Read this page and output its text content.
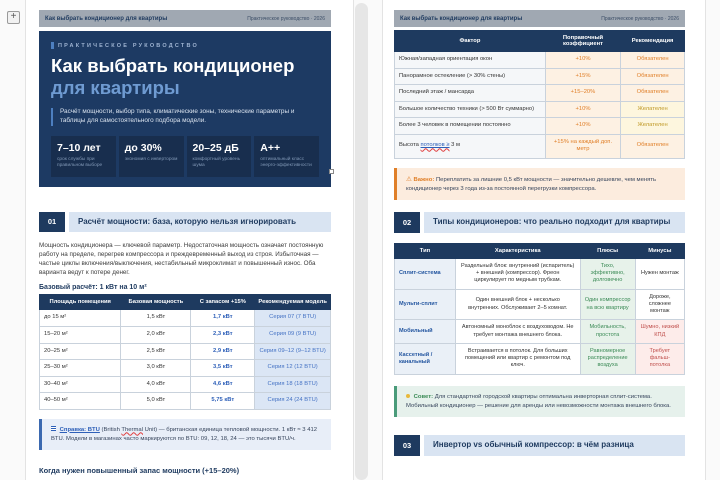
+	Как выбрать кондиционер для квартиры	Практическое руководство · 2026
ПРАКТИЧЕСКОЕ РУКОВОДСТВО
Как выбрать кондиционер
для квартиры
Расчёт мощности, выбор типа, климатические зоны, технические параметры и таблицы для самостоятельного подбора модели.
7–10 лет
срок службы при правильном выборе
до 30%
экономия с инвертором
20–25 дБ
комфортный уровень шума
А++
оптимальный класс энерго-эффективности
01	Расчёт мощности: база, которую нельзя игнорировать
Мощность кондиционера — ключевой параметр. Недостаточная мощность означает постоянную работу на пределе, перегрев компрессора и преждевременный выход из строя. Избыточная — частые циклы включения/выключения, нестабильный микроклимат и повышенный износ. Оба варианта ведут к потере денег.
Базовый расчёт: 1 кВт на 10 м²
Площадь помещения	Базовая мощность	С запасом +15%	Рекомендуемая модель
до 15 м²	1,5 кВт	1,7 кВт	Серия 07 (7 BTU)
15–20 м²	2,0 кВт	2,3 кВт	Серия 09 (9 BTU)
20–25 м²	2,5 кВт	2,9 кВт	Серия 09–12 (9–12 BTU)
25–30 м²	3,0 кВт	3,5 кВт	Серия 12 (12 BTU)
30–40 м²	4,0 кВт	4,6 кВт	Серия 18 (18 BTU)
40–50 м²	5,0 кВт	5,75 кВт	Серия 24 (24 BTU)
Справка: BTU (British Thermal Unit) — британская единица тепловой мощности. 1 кВт ≈ 3 412 BTU. Модели в магазинах часто маркируются по BTU: 09, 12, 18, 24 — это тысячи BTU/ч.
Когда нужен повышенный запас мощности (+15–20%)
Как выбрать кондиционер для квартиры	Практическое руководство · 2026
Фактор	Поправочный коэффициент	Рекомендация
Южная/западная ориентация окон	+10%	Обязателен
Панорамное остекление (> 30% стены)	+15%	Обязателен
Последний этаж / мансарда	+15–20%	Обязателен
Большое количество техники (> 500 Вт суммарно)	+10%	Желателен
Более 3 человек в помещении постоянно	+10%	Желателен
Высота потолков ≥ 3 м	+15% на каждый доп. метр	Обязателен
⚠ Важно: Переплатить за лишние 0,5 кВт мощности — значительно дешевле, чем менять кондиционер через 3 года из-за постоянной перегрузки компрессора.
02	Типы кондиционеров: что реально подходит для квартиры
Тип	Характеристика	Плюсы	Минусы
Сплит-система	Раздельный блок: внутренний (испаритель) + внешний (компрессор). Фреон циркулирует по медным трубкам.	Тихо, эффективно, долговечно	Нужен монтаж
Мульти-сплит	Один внешний блок + несколько внутренних. Обслуживает 2–5 комнат.	Один компрессор на всю квартиру	Дороже, сложнее монтаж
Мобильный	Автономный моноблок с воздуховодом. Не требует монтажа внешнего блока.	Мобильность, простота	Шумно, низкий КПД
Кассетный / канальный	Встраивается в потолок. Для больших помещений или квартир с ремонтом под ключ.	Равномерное распределение воздуха	Требует фальш-потолка
Совет: Для стандартной городской квартиры оптимальна инверторная сплит-система. Мобильный кондиционер — решение для аренды или невозможности монтажа внешнего блока.
03	Инвертор vs обычный компрессор: в чём разница
